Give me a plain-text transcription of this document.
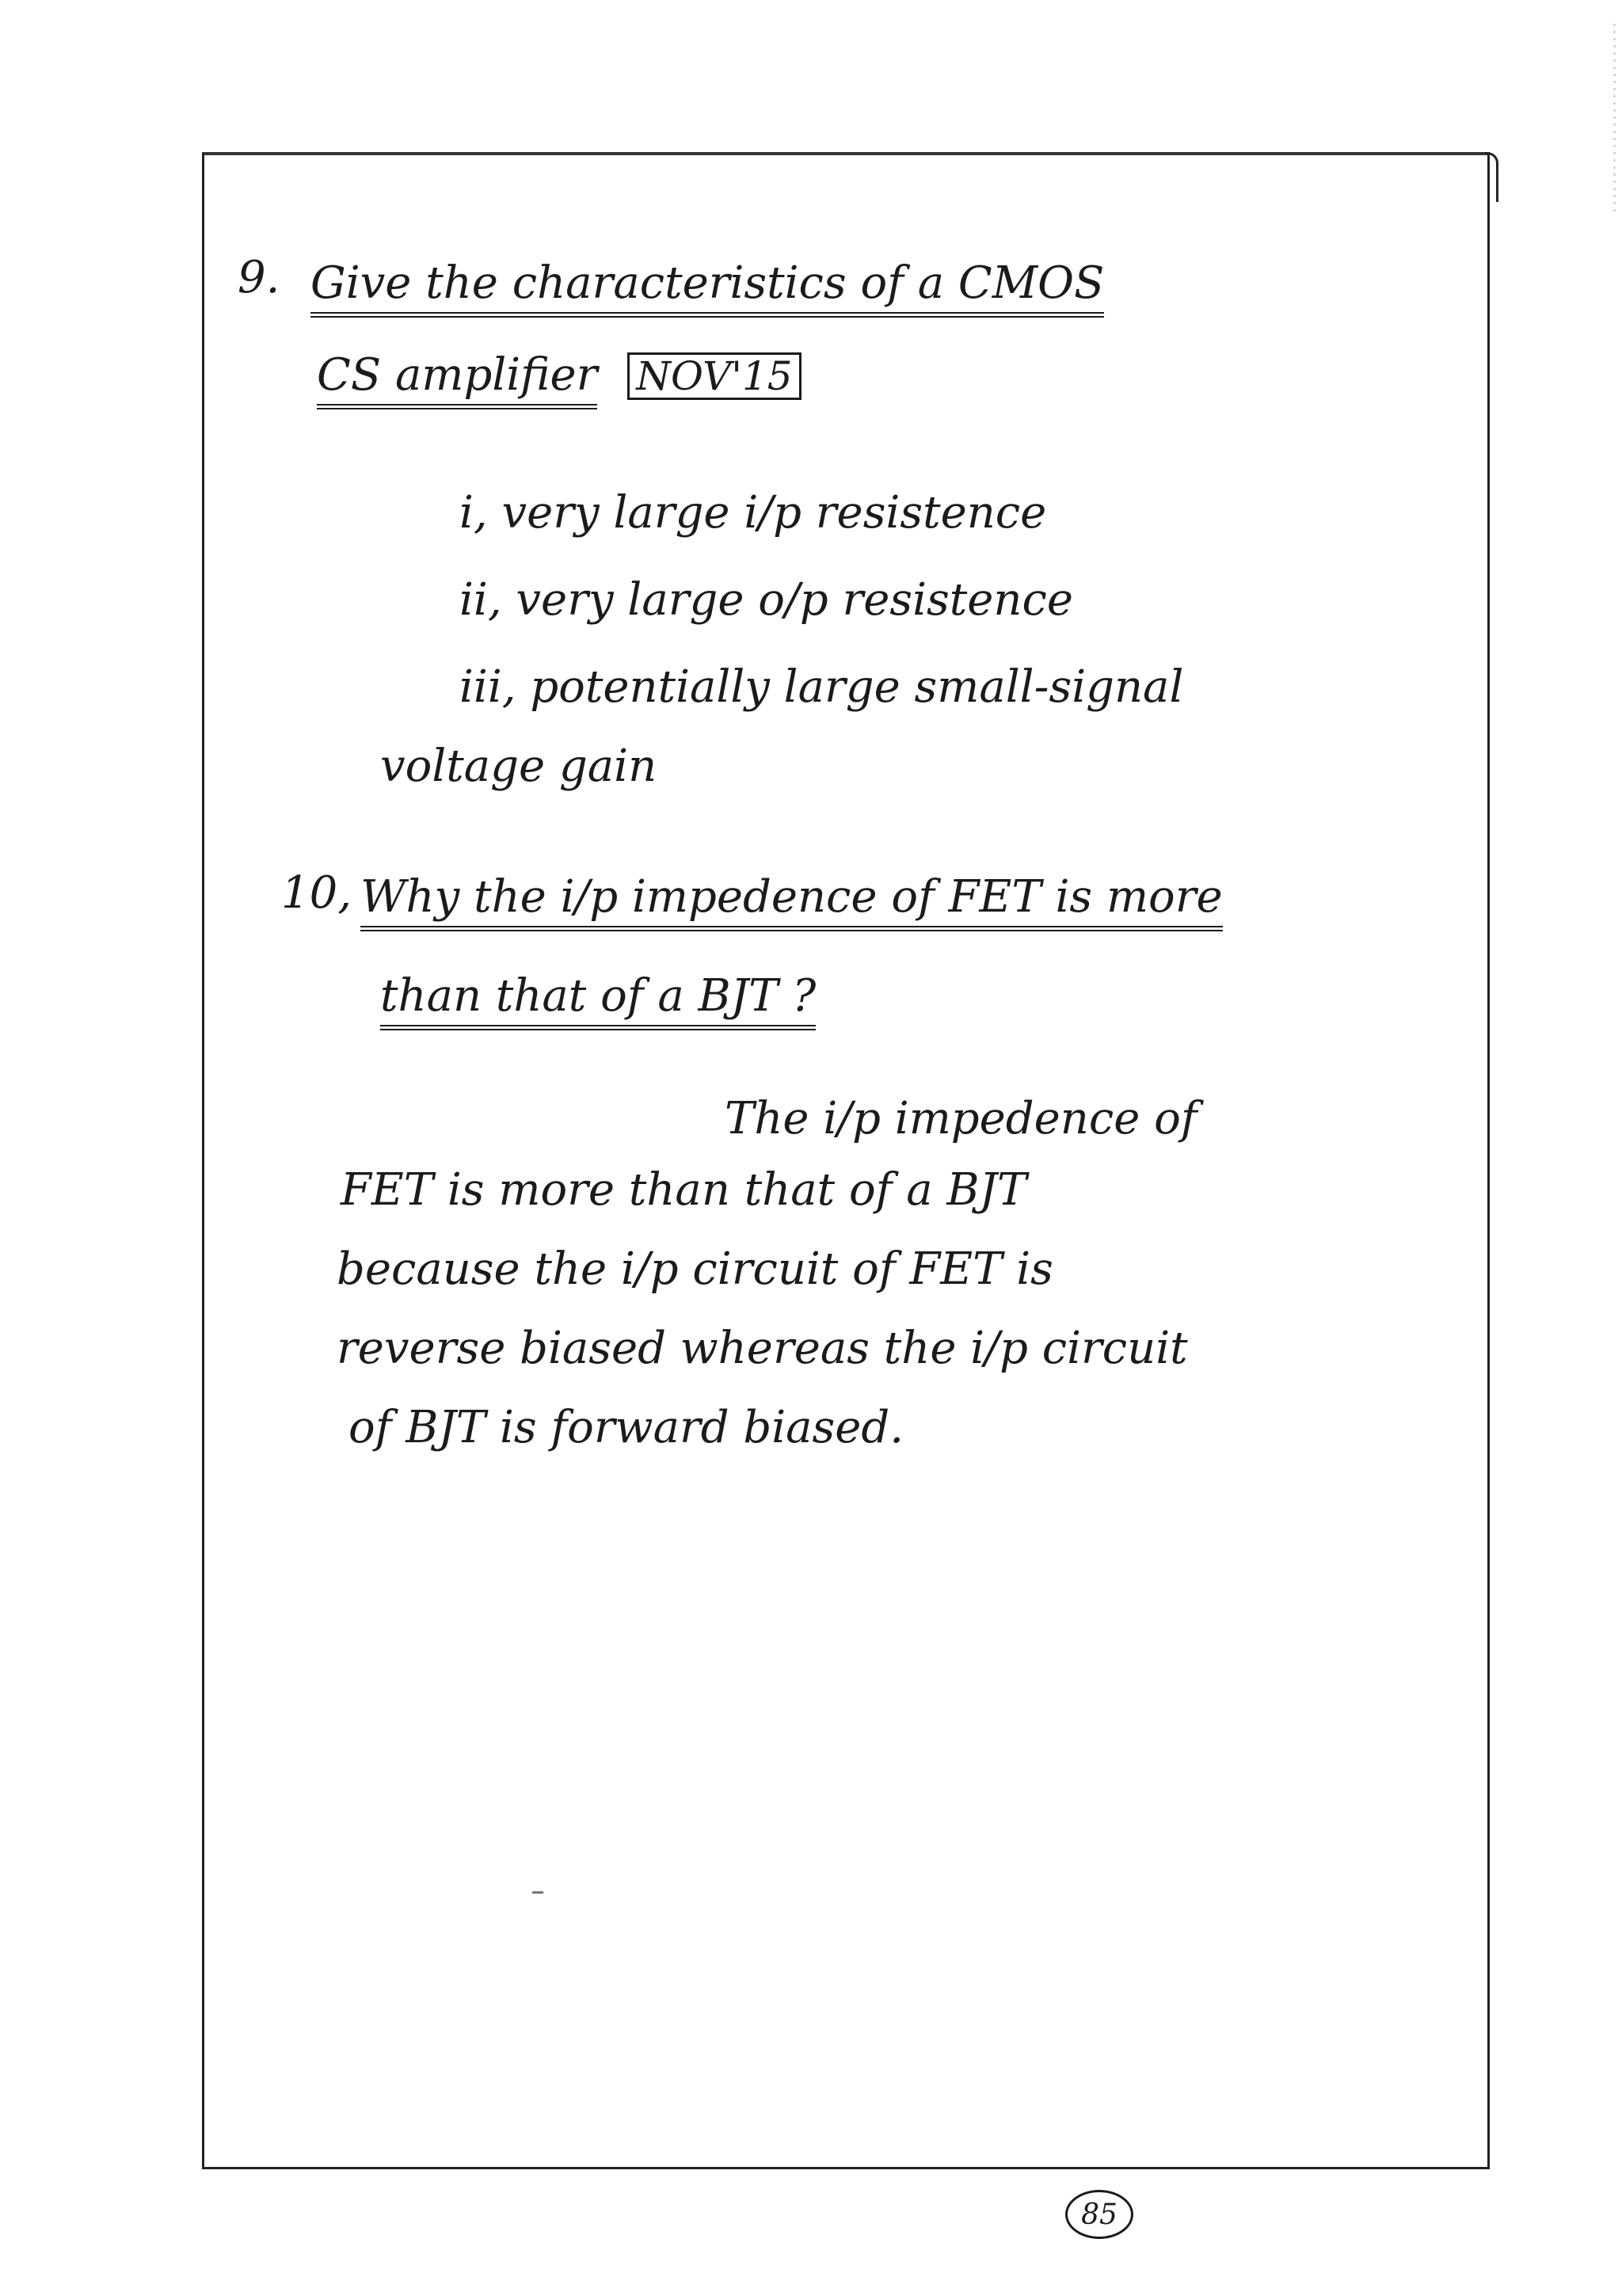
9. Give the characteristics of a CMOS
CS amplifier NOV'15
i, very large i/p resistence
ii, very large o/p resistence
iii, potentially large small-signal
voltage gain
10, Why the i/p impedence of FET is more
than that of a BJT ?
The i/p impedence of
FET is more than that of a BJT
because the i/p circuit of FET is
reverse biased whereas the i/p circuit
of BJT is forward biased.
85
